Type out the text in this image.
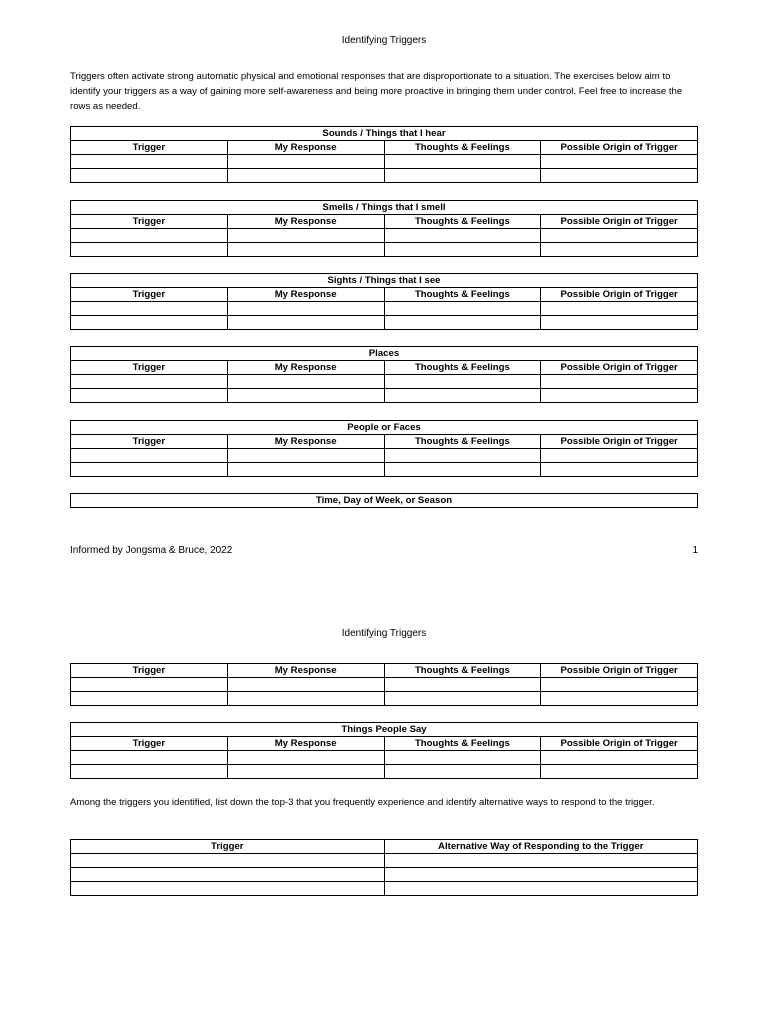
Identifying Triggers
Triggers often activate strong automatic physical and emotional responses that are disproportionate to a situation. The exercises below aim to identify your triggers as a way of gaining more self-awareness and being more proactive in bringing them under control. Feel free to increase the rows as needed.
Sounds / Things that I hear			
Trigger	My Response	Thoughts & Feelings	Possible Origin of Trigger

Smells / Things that I smell			
Trigger	My Response	Thoughts & Feelings	Possible Origin of Trigger

Sights / Things that I see			
Trigger	My Response	Thoughts & Feelings	Possible Origin of Trigger

Places			
Trigger	My Response	Thoughts & Feelings	Possible Origin of Trigger

People or Faces			
Trigger	My Response	Thoughts & Feelings	Possible Origin of Trigger

Time, Day of Week, or Season
Informed by Jongsma & Bruce, 2022	1
Identifying Triggers
Trigger	My Response	Thoughts & Feelings	Possible Origin of Trigger

Things People Say			
Trigger	My Response	Thoughts & Feelings	Possible Origin of Trigger

Among the triggers you identified, list down the top-3 that you frequently experience and identify alternative ways to respond to the trigger.
Trigger	Alternative Way of Responding to the Trigger
